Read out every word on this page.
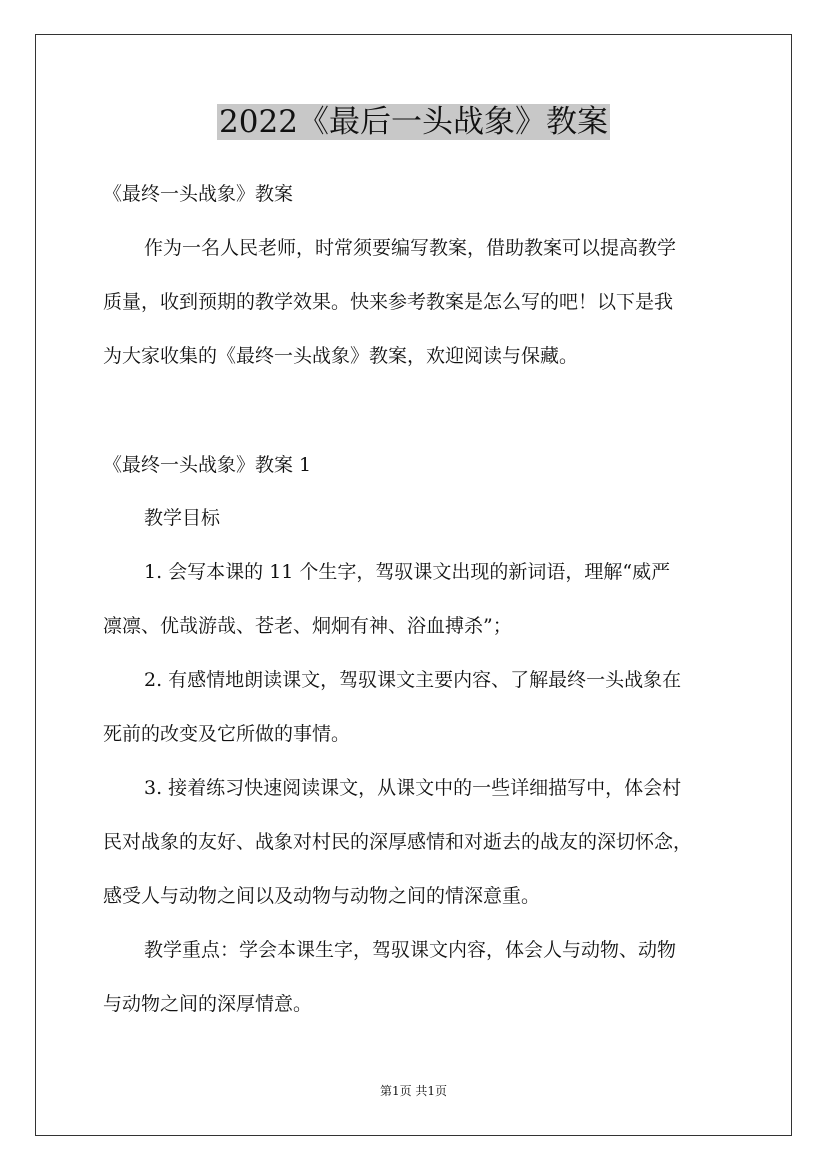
2022《最后一头战象》教案
《最终一头战象》教案
作为一名人民老师，时常须要编写教案，借助教案可以提高教学
质量，收到预期的教学效果。快来参考教案是怎么写的吧！以下是我
为大家收集的《最终一头战象》教案，欢迎阅读与保藏。
《最终一头战象》教案 1
教学目标
1. 会写本课的 11 个生字，驾驭课文出现的新词语，理解“威严
凛凛、优哉游哉、苍老、炯炯有神、浴血搏杀”；
2. 有感情地朗读课文，驾驭课文主要内容、了解最终一头战象在
死前的改变及它所做的事情。
3. 接着练习快速阅读课文，从课文中的一些详细描写中，体会村
民对战象的友好、战象对村民的深厚感情和对逝去的战友的深切怀念，
感受人与动物之间以及动物与动物之间的情深意重。
教学重点：学会本课生字，驾驭课文内容，体会人与动物、动物
与动物之间的深厚情意。
第1页 共1页
